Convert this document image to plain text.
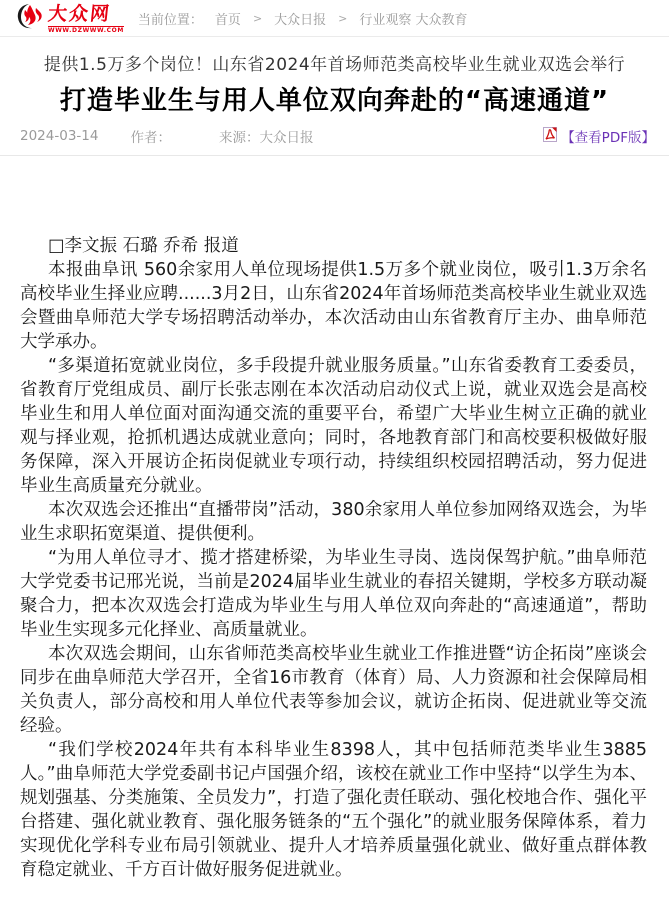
大众网
WWW.DZWWW.COM
当前位置： 首页 > 大众日报 > 行业观察 大众教育
提供1.5万多个岗位！山东省2024年首场师范类高校毕业生就业双选会举行
打造毕业生与用人单位双向奔赴的“高速通道”
2024-03-14 作者：	来源：大众日报	【查看PDF版】

□李文振 石璐 乔希 报道

本报曲阜讯 560余家用人单位现场提供1.5万多个就业岗位，吸引1.3万余名高校毕业生择业应聘......3月2日，山东省2024年首场师范类高校毕业生就业双选会暨曲阜师范大学专场招聘活动举办，本次活动由山东省教育厅主办、曲阜师范大学承办。

“多渠道拓宽就业岗位，多手段提升就业服务质量。”山东省委教育工委委员，省教育厅党组成员、副厅长张志刚在本次活动启动仪式上说，就业双选会是高校毕业生和用人单位面对面沟通交流的重要平台，希望广大毕业生树立正确的就业观与择业观，抢抓机遇达成就业意向；同时，各地教育部门和高校要积极做好服务保障，深入开展访企拓岗促就业专项行动，持续组织校园招聘活动，努力促进毕业生高质量充分就业。

本次双选会还推出“直播带岗”活动，380余家用人单位参加网络双选会，为毕业生求职拓宽渠道、提供便利。

“为用人单位寻才、揽才搭建桥梁，为毕业生寻岗、选岗保驾护航。”曲阜师范大学党委书记邢光说，当前是2024届毕业生就业的春招关键期，学校多方联动凝聚合力，把本次双选会打造成为毕业生与用人单位双向奔赴的“高速通道”，帮助毕业生实现多元化择业、高质量就业。

本次双选会期间，山东省师范类高校毕业生就业工作推进暨“访企拓岗”座谈会同步在曲阜师范大学召开，全省16市教育（体育）局、人力资源和社会保障局相关负责人，部分高校和用人单位代表等参加会议，就访企拓岗、促进就业等交流经验。

“我们学校2024年共有本科毕业生8398人，其中包括师范类毕业生3885人。”曲阜师范大学党委副书记卢国强介绍，该校在就业工作中坚持“以学生为本、规划强基、分类施策、全员发力”，打造了强化责任联动、强化校地合作、强化平台搭建、强化就业教育、强化服务链条的“五个强化”的就业服务保障体系，着力实现优化学科专业布局引领就业、提升人才培养质量强化就业、做好重点群体教育稳定就业、千方百计做好服务促进就业。
